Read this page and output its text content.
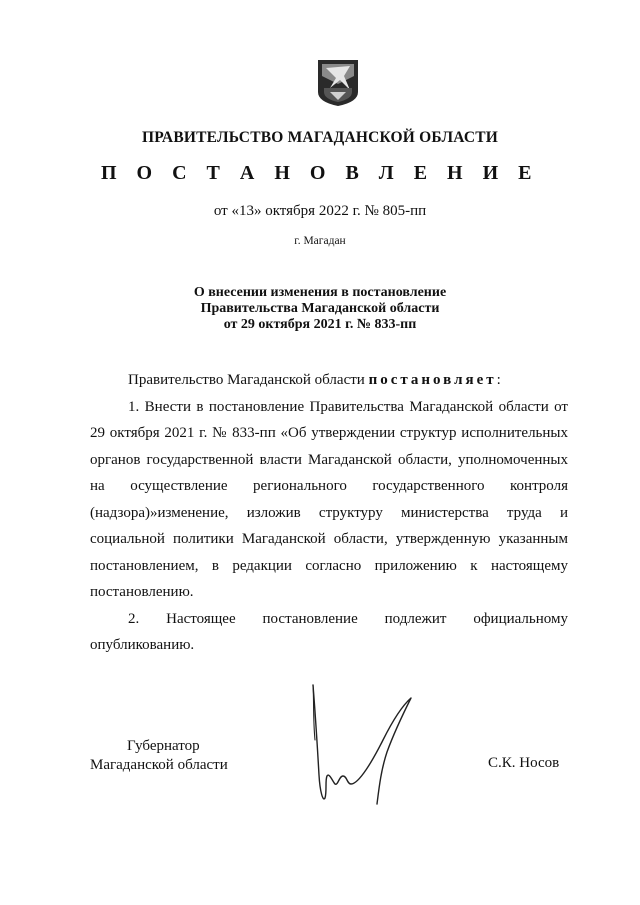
ПРАВИТЕЛЬСТВО МАГАДАНСКОЙ ОБЛАСТИ
П О С Т А Н О В Л Е Н И Е
от «13» октября 2022 г. № 805-пп
г. Магадан
О внесении изменения в постановление
Правительства Магаданской области
от 29 октября 2021 г. № 833-пп

Правительство Магаданской области постановляет:

1. Внести в постановление Правительства Магаданской области от 29 октября 2021 г. № 833-пп «Об утверждении структур исполнительных органов государственной власти Магаданской области, уполномоченных на осуществление регионального государственного контроля (надзора)»изменение, изложив структуру министерства труда и социальной политики Магаданской области, утвержденную указанным постановлением, в редакции согласно приложению к настоящему постановлению.

2. Настоящее постановление подлежит официальному опубликованию.

Губернатор
Магаданской области	С.К. Носов
